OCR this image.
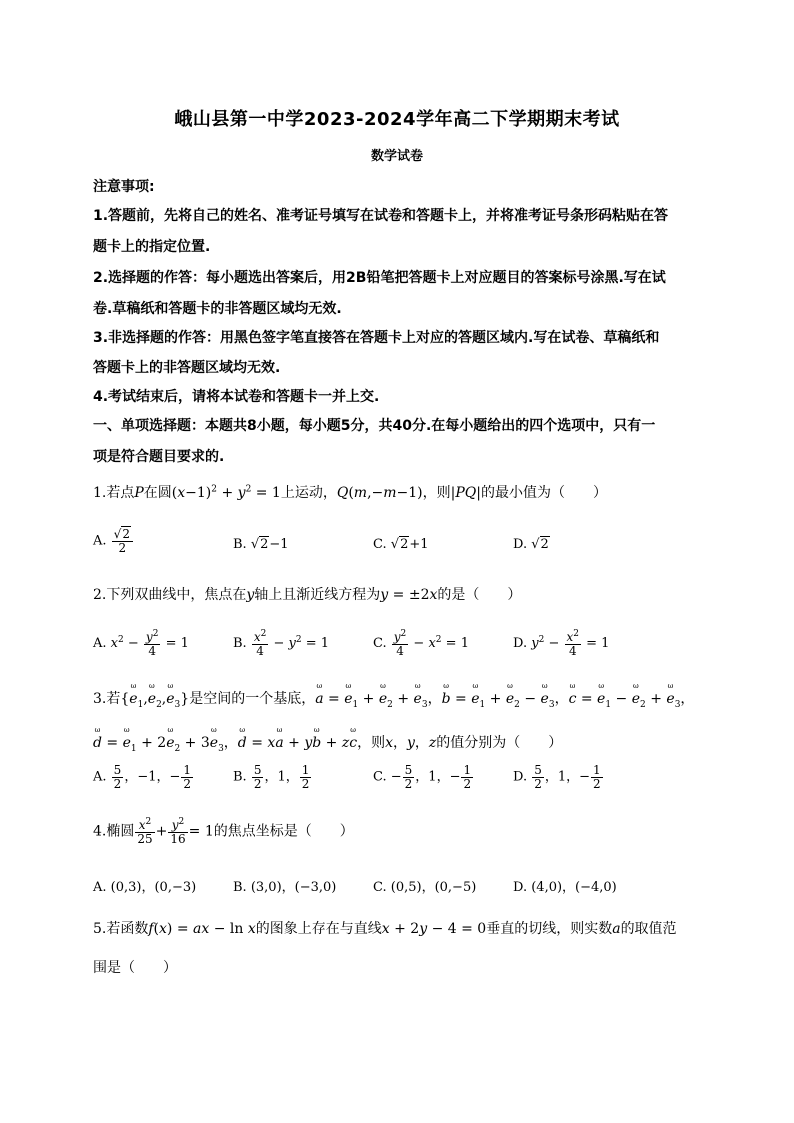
峨山县第一中学2023-2024学年高二下学期期末考试
数学试卷
注意事项:
1.答题前，先将自己的姓名、准考证号填写在试卷和答题卡上，并将准考证号条形码粘贴在答
题卡上的指定位置.
2.选择题的作答：每小题选出答案后，用2B铅笔把答题卡上对应题目的答案标号涂黑.写在试
卷.草稿纸和答题卡的非答题区域均无效.
3.非选择题的作答：用黑色签字笔直接答在答题卡上对应的答题区域内.写在试卷、草稿纸和
答题卡上的非答题区域均无效.
4.考试结束后，请将本试卷和答题卡一并上交.
一、单项选择题：本题共8小题，每小题5分，共40分.在每小题给出的四个选项中，只有一
项是符合题目要求的.
1.若点P在圆$(x-1)^2 + y^2 = 1$上运动，Q(m,−m−1)，则|PQ|的最小值为（　　）
A. $\frac{√2}{2}$	B. √2−1	C. √2+1	D. √2
2.下列双曲线中，焦点在y轴上且渐近线方程为y = ±2x的是（　　）
A. $x^2 - \frac{y^2}{4} = 1$	B. $\frac{x^2}{4} - y^2 = 1$	C. $\frac{y^2}{4} - x^2 = 1$	D. $y^2 - \frac{x^2}{4} = 1$
3.若{ω $e_1,\omega$ $e_2,\omega$ $e_3$}是空间的一个基底，ω a = ω $e_1 + \omega$ $e_2 + \omega$ $e_3$，ω b = ω $e_1 + \omega$ $e_2 - \omega$ $e_3$，ω c = ω $e_1 - \omega$ $e_2 + \omega$ $e_3$，
ω d = ω $e_1 + 2\omega$ $e_2 + 3\omega$ $e_3$，ω d = xω a + yω b + zω c，则x，y，z的值分别为（　　）
A. $\frac{5}{2}$ ，−1，− $\frac{1}{2}$	B. $\frac{5}{2}$ ，1， $\frac{1}{2}$	C. − $\frac{5}{2}$ ，1，− $\frac{1}{2}$	D. $\frac{5}{2}$ ，1，− $\frac{1}{2}$
4.椭圆 $\frac{x^2}{25} + \frac{y^2}{16} = 1$的焦点坐标是（　　）
A. (0,3)，(0,−3)	B. (3,0)，(−3,0)	C. (0,5)，(0,−5)	D. (4,0)，(−4,0)
5.若函数f(x) = ax − ln x的图象上存在与直线x + 2y − 4 = 0垂直的切线，则实数a的取值范
围是（　　）
